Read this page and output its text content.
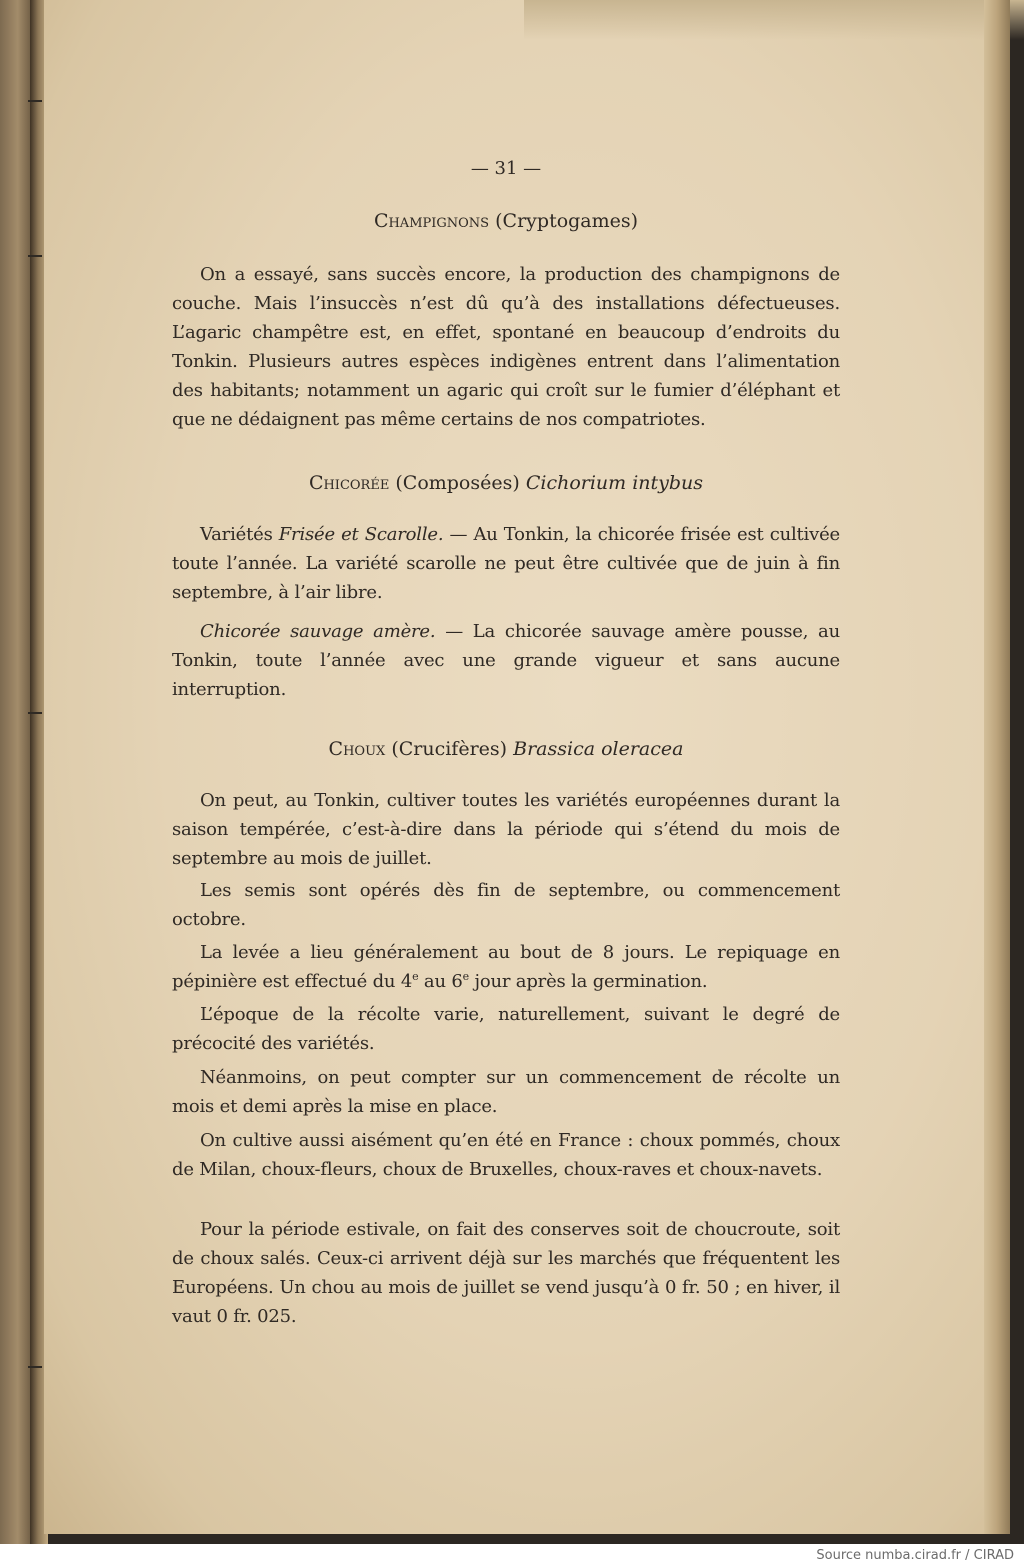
— 31 —
Champignons (Cryptogames)
On a essayé, sans succès encore, la production des champignons de couche. Mais l’insuccès n’est dû qu’à des installations défectueuses. L’agaric champêtre est, en effet, spontané en beaucoup d’endroits du Tonkin. Plusieurs autres espèces indigènes entrent dans l’alimentation des habitants; notamment un agaric qui croît sur le fumier d’éléphant et que ne dédaignent pas même certains de nos compatriotes.
Chicorée (Composées) Cichorium intybus
Variétés Frisée et Scarolle. — Au Tonkin, la chicorée frisée est cultivée toute l’année. La variété scarolle ne peut être cultivée que de juin à fin septembre, à l’air libre.
Chicorée sauvage amère. — La chicorée sauvage amère pousse, au Tonkin, toute l’année avec une grande vigueur et sans aucune interruption.
Choux (Crucifères) Brassica oleracea
On peut, au Tonkin, cultiver toutes les variétés européennes durant la saison tempérée, c’est-à-dire dans la période qui s’étend du mois de septembre au mois de juillet.
Les semis sont opérés dès fin de septembre, ou commencement octobre.
La levée a lieu généralement au bout de 8 jours. Le repiquage en pépinière est effectué du 4e au 6e jour après la germination.
L’époque de la récolte varie, naturellement, suivant le degré de précocité des variétés.
Néanmoins, on peut compter sur un commencement de récolte un mois et demi après la mise en place.
On cultive aussi aisément qu’en été en France : choux pommés, choux de Milan, choux-fleurs, choux de Bruxelles, choux-raves et choux-navets.
Pour la période estivale, on fait des conserves soit de choucroute, soit de choux salés. Ceux-ci arrivent déjà sur les marchés que fréquentent les Européens. Un chou au mois de juillet se vend jusqu’à 0 fr. 50 ; en hiver, il vaut 0 fr. 025.
Source numba.cirad.fr / CIRAD
